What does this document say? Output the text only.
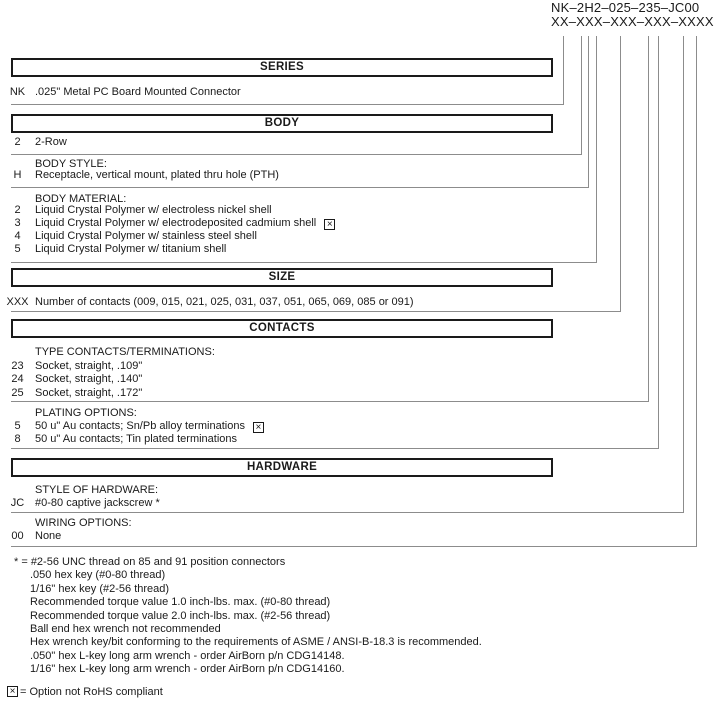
NK–2H2–025–235–JC00
XX–XXX–XXX–XXX–XXXX
SERIES
NK .025" Metal PC Board Mounted Connector
BODY
2	2-Row
BODY STYLE:
H	Receptacle, vertical mount, plated thru hole (PTH)
BODY MATERIAL:
2	Liquid Crystal Polymer w/ electroless nickel shell
3	Liquid Crystal Polymer w/ electrodeposited cadmium shell×
4	Liquid Crystal Polymer w/ stainless steel shell
5	Liquid Crystal Polymer w/ titanium shell
SIZE
XXX Number of contacts (009, 015, 021, 025, 031, 037, 051, 065, 069, 085 or 091)
CONTACTS
TYPE CONTACTS/TERMINATIONS:
23	Socket, straight, .109"
24	Socket, straight, .140"
25	Socket, straight, .172"
PLATING OPTIONS:
5	50 u" Au contacts; Sn/Pb alloy terminations×
8	50 u" Au contacts; Tin plated terminations
HARDWARE
STYLE OF HARDWARE:
JC #0-80 captive jackscrew *
WIRING OPTIONS:
00	None
* = #2-56 UNC thread on 85 and 91 position connectors
.050 hex key (#0-80 thread)
1/16" hex key (#2-56 thread)
Recommended torque value 1.0 inch-lbs. max. (#0-80 thread)
Recommended torque value 2.0 inch-lbs. max. (#2-56 thread)
Ball end hex wrench not recommended
Hex wrench key/bit conforming to the requirements of ASME / ANSI-B-18.3 is recommended.
.050" hex L-key long arm wrench - order AirBorn p/n CDG14148.
1/16" hex L-key long arm wrench - order AirBorn p/n CDG14160.
×
= Option not RoHS compliant
